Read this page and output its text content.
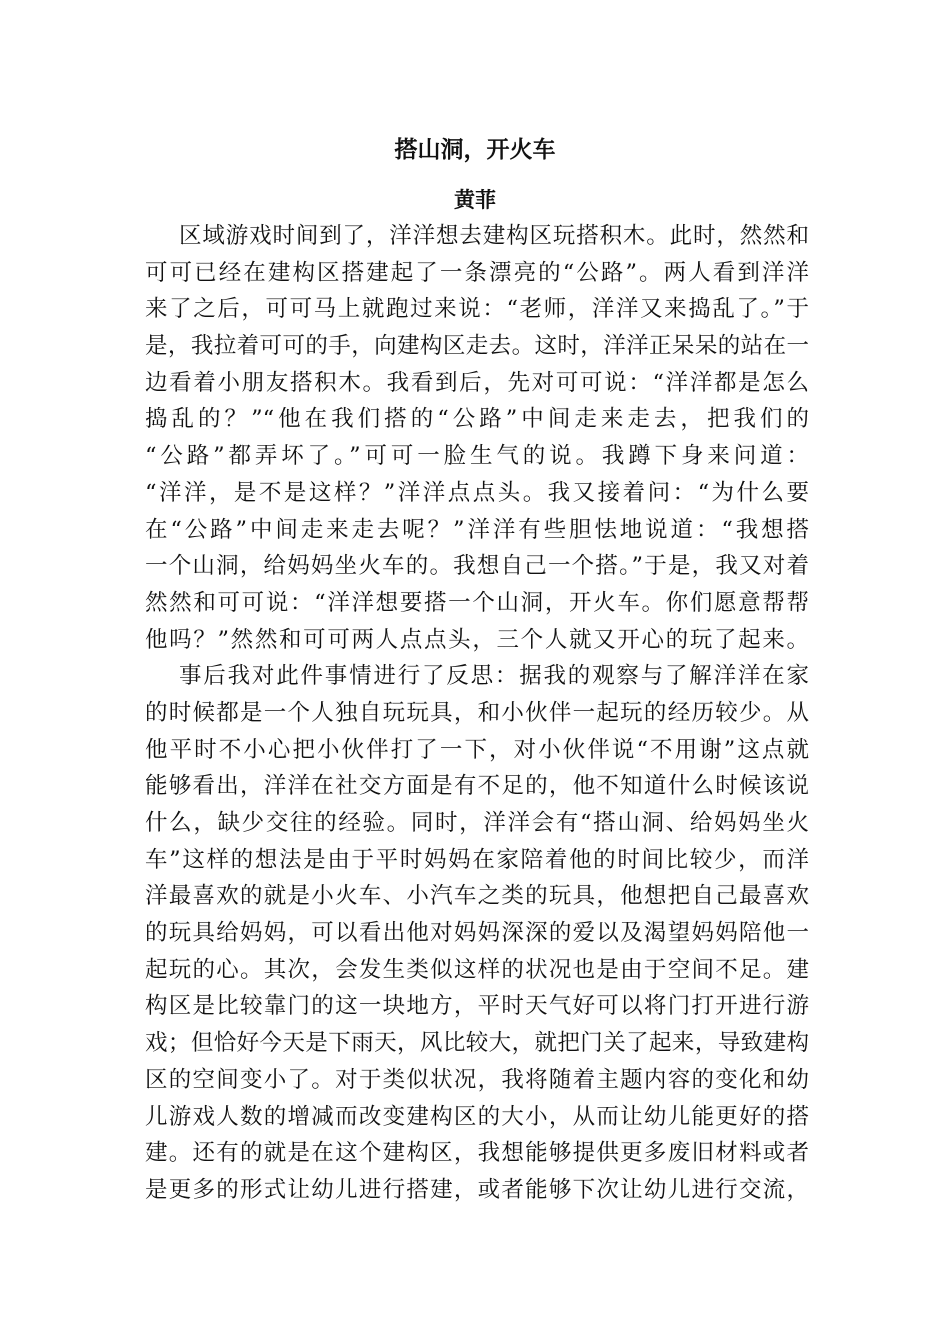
搭山洞，开火车
黄菲
区域游戏时间到了，洋洋想去建构区玩搭积木。此时，然然和
可可已经在建构区搭建起了一条漂亮的“公路”。两人看到洋洋
来了之后，可可马上就跑过来说：“老师，洋洋又来捣乱了。”于
是，我拉着可可的手，向建构区走去。这时，洋洋正呆呆的站在一
边看着小朋友搭积木。我看到后，先对可可说：“洋洋都是怎么
捣乱的？”“他在我们搭的“公路”中间走来走去，把我们的
“公路”都弄坏了。”可可一脸生气的说。我蹲下身来问道：
“洋洋，是不是这样？”洋洋点点头。我又接着问：“为什么要
在“公路”中间走来走去呢？”洋洋有些胆怯地说道：“我想搭
一个山洞，给妈妈坐火车的。我想自己一个搭。”于是，我又对着
然然和可可说：“洋洋想要搭一个山洞，开火车。你们愿意帮帮
他吗？”然然和可可两人点点头，三个人就又开心的玩了起来。
事后我对此件事情进行了反思：据我的观察与了解洋洋在家
的时候都是一个人独自玩玩具，和小伙伴一起玩的经历较少。从
他平时不小心把小伙伴打了一下，对小伙伴说“不用谢”这点就
能够看出，洋洋在社交方面是有不足的，他不知道什么时候该说
什么，缺少交往的经验。同时，洋洋会有“搭山洞、给妈妈坐火
车”这样的想法是由于平时妈妈在家陪着他的时间比较少，而洋
洋最喜欢的就是小火车、小汽车之类的玩具，他想把自己最喜欢
的玩具给妈妈，可以看出他对妈妈深深的爱以及渴望妈妈陪他一
起玩的心。其次，会发生类似这样的状况也是由于空间不足。建
构区是比较靠门的这一块地方，平时天气好可以将门打开进行游
戏；但恰好今天是下雨天，风比较大，就把门关了起来，导致建构
区的空间变小了。对于类似状况，我将随着主题内容的变化和幼
儿游戏人数的增减而改变建构区的大小，从而让幼儿能更好的搭
建。还有的就是在这个建构区，我想能够提供更多废旧材料或者
是更多的形式让幼儿进行搭建，或者能够下次让幼儿进行交流，
